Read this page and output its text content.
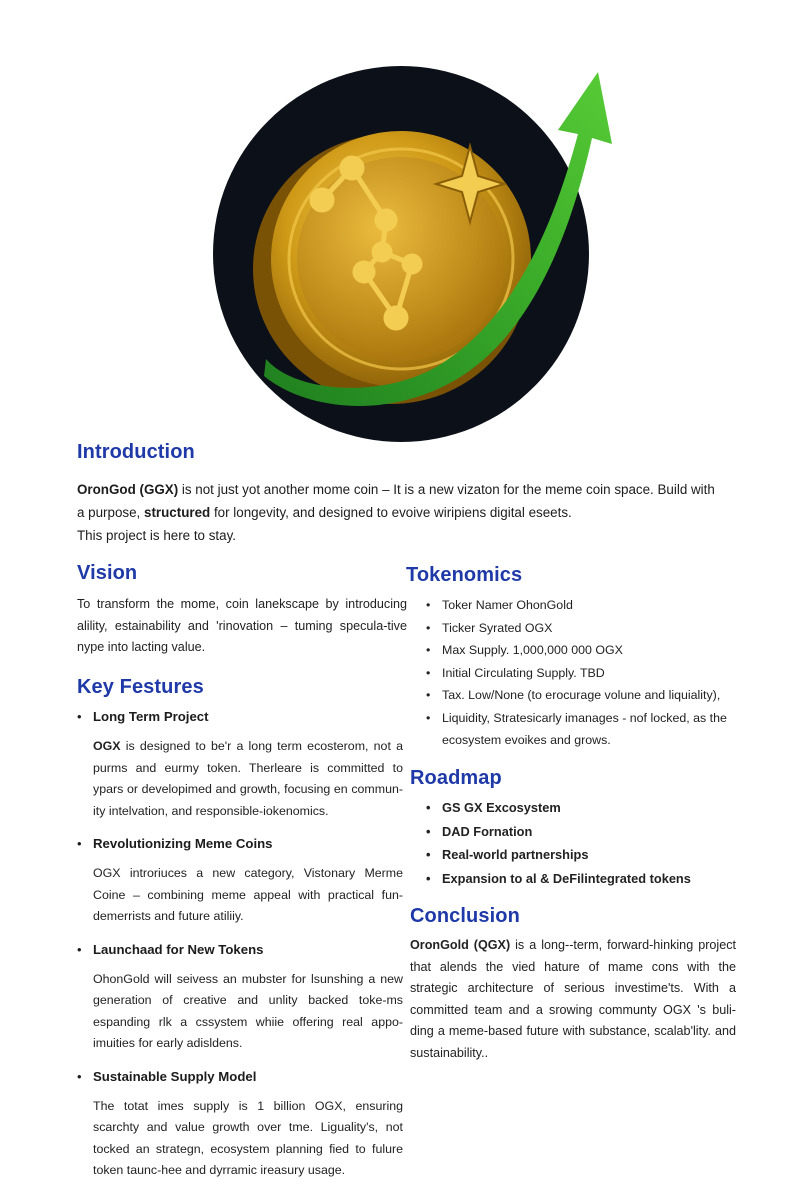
Introduction
OronGod (GGX) is not just yot another mome coin – It is a new vizaton for the meme coin space. Build with
a purpose, structured for longevity, and designed to evoive wiripiens digital eseets.
This project is here to stay.
Vision

To transform the mome, coin lanekscape by introducing alility, estainability and 'rinovation – tuming specula-tive nype into lacting value.

Key Festures
• Long Term Project
OGX is designed to be'r a long term ecosterom, not a purms and eurmy token. Therleare is committed to ypars or developimed and growth, focusing en commun-ity intelvation, and responsible-iokenomics.
• Revolutionizing Meme Coins
OGX introriuces a new category, Vistonary Merme Coine – combining meme appeal with practical fun-demerrists and future atiliiy.
• Launchaad for New Tokens
OhonGold will seivess an mubster for lsunshing a new generation of creative and unlity backed toke-ms espanding rlk a cssystem whiie offering real appo-imuities for early adisldens.
• Sustainable Supply Model
The totat imes supply is 1 billion OGX, ensuring scarchty and value growth over tme. Liguality's, not tocked an strategn, ecosystem planning fied to fulure token taunc-hee and dyrramic ireasury usage.
Tokenomics
• Toker Namer OhonGold
• Ticker Syrated OGX
• Max Supply. 1,000,000 000 OGX
• Initial Circulating Supply. TBD
• Tax. Low/None (to erocurage volune and liquiality),
• Liquidity, Stratesicarly imanages - nof locked, as the ecosystem evoikes and grows.
Roadmap
• GS GX Excosystem
• DAD Fornation
• Real-world partnerships
• Expansion to al & DeFilintegrated tokens
Conclusion

OronGold (QGX) is a long--term, forward-hinking project that alends the vied hature of mame cons with the strategic architecture of serious investime'ts. With a committed team and a srowing communty OGX 's buli-ding a meme-based future with substance, scalab'lity. and sustainability..
